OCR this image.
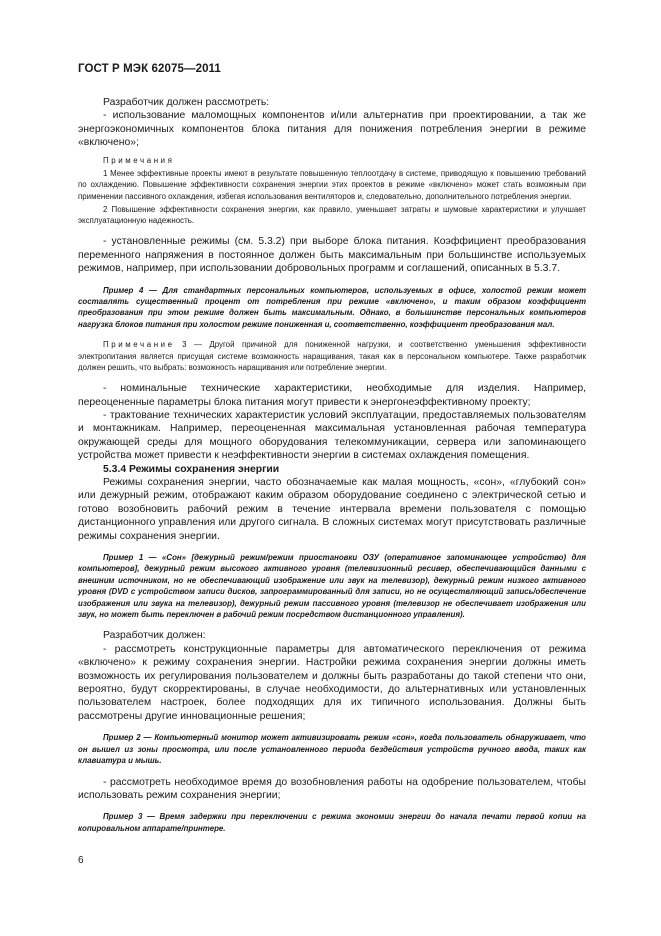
ГОСТ Р МЭК 62075—2011

Разработчик должен рассмотреть:

- использование маломощных компонентов и/или альтернатив при проектировании, а так же энергоэкономичных компонентов блока питания для понижения потребления энергии в режиме «включено»;

Примечания

1 Менее эффективные проекты имеют в результате повышенную теплоотдачу в системе, приводящую к повышению требований по охлаждению. Повышение эффективности сохранения энергии этих проектов в режиме «включено» может стать возможным при применении пассивного охлаждения, избегая использования вентиляторов и, следовательно, дополнительного потребления энергии.

2 Повышение эффективности сохранения энергии, как правило, уменьшает затраты и шумовые характеристики и улучшает эксплуатационную надежность.

- установленные режимы (см. 5.3.2) при выборе блока питания. Коэффициент преобразования переменного напряжения в постоянное должен быть максимальным при большинстве используемых режимов, например, при использовании добровольных программ и соглашений, описанных в 5.3.7.

Пример 4 — Для стандартных персональных компьютеров, используемых в офисе, холостой режим может составлять существенный процент от потребления при режиме «включено», и таким образом коэффициент преобразования при этом режиме должен быть максимальным. Однако, в большинстве персональных компьютеров нагрузка блоков питания при холостом режиме пониженная и, соответственно, коэффициент преобразования мал.

Примечание 3 — Другой причиной для пониженной нагрузки, и соответственно уменьшения эффективности электропитания является присущая системе возможность наращивания, такая как в персональном компьютере. Также разработчик должен решить, что выбрать: возможность наращивания или потребление энергии.

- номинальные технические характеристики, необходимые для изделия. Например, переоцененные параметры блока питания могут привести к энергонеэффективному проекту;

- трактование технических характеристик условий эксплуатации, предоставляемых пользователям и монтажникам. Например, переоцененная максимальная установленная рабочая температура окружающей среды для мощного оборудования телекоммуникации, сервера или запоминающего устройства может привести к неэффективности энергии в системах охлаждения помещения.

5.3.4 Режимы сохранения энергии

Режимы сохранения энергии, часто обозначаемые как малая мощность, «сон», «глубокий сон» или дежурный режим, отображают каким образом оборудование соединено с электрической сетью и готово возобновить рабочий режим в течение интервала времени пользователя с помощью дистанционного управления или другого сигнала. В сложных системах могут присутствовать различные режимы сохранения энергии.

Пример 1 — «Сон» [дежурный режим/режим приостановки ОЗУ (оперативное запоминающее устройство) для компьютеров], дежурный режим высокого активного уровня (телевизионный ресивер, обеспечивающийся данными с внешним источником, но не обеспечивающий изображение или звук на телевизор), дежурный режим низкого активного уровня (DVD с устройством записи дисков, запрограммированный для записи, но не осуществляющий запись/обеспечение изображения или звука на телевизор), дежурный режим пассивного уровня (телевизор не обеспечивает изображения или звук, но может быть переключен в рабочий режим посредством дистанционного управления).

Разработчик должен:

- рассмотреть конструкционные параметры для автоматического переключения от режима «включено» к режиму сохранения энергии. Настройки режима сохранения энергии должны иметь возможность их регулирования пользователем и должны быть разработаны до такой степени что они, вероятно, будут скорректированы, в случае необходимости, до альтернативных или установленных пользователем настроек, более подходящих для их типичного использования. Должны быть рассмотрены другие инновационные решения;

Пример 2 — Компьютерный монитор может активизировать режим «сон», когда пользователь обнаруживает, что он вышел из зоны просмотра, или после установленного периода бездействия устройств ручного ввода, таких как клавиатура и мышь.

- рассмотреть необходимое время до возобновления работы на одобрение пользователем, чтобы использовать режим сохранения энергии;

Пример 3 — Время задержки при переключении с режима экономии энергии до начала печати первой копии на копировальном аппарате/принтере.

6
